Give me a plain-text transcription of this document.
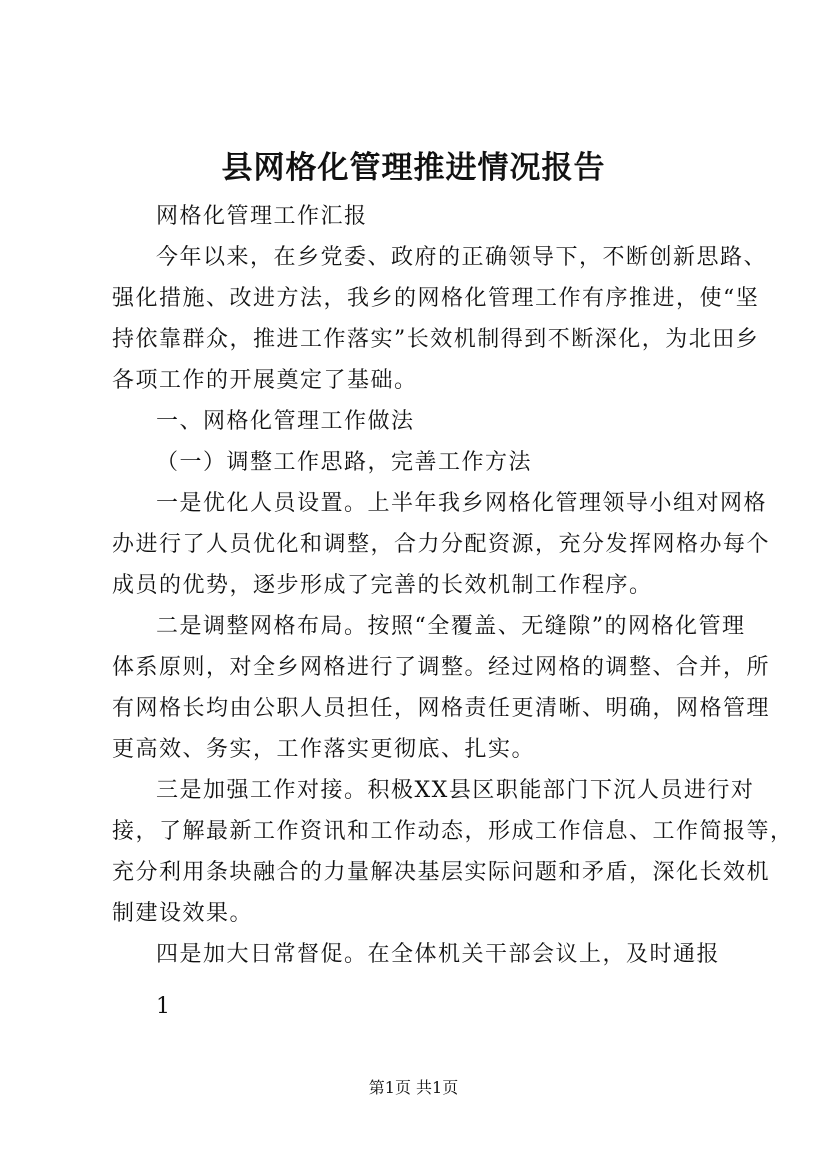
县网格化管理推进情况报告
网格化管理工作汇报
今年以来，在乡党委、政府的正确领导下，不断创新思路、
强化措施、改进方法，我乡的网格化管理工作有序推进，使“坚
持依靠群众，推进工作落实”长效机制得到不断深化，为北田乡
各项工作的开展奠定了基础。
一、网格化管理工作做法
（一）调整工作思路，完善工作方法
一是优化人员设置。上半年我乡网格化管理领导小组对网格
办进行了人员优化和调整，合力分配资源，充分发挥网格办每个
成员的优势，逐步形成了完善的长效机制工作程序。
二是调整网格布局。按照“全覆盖、无缝隙”的网格化管理
体系原则，对全乡网格进行了调整。经过网格的调整、合并，所
有网格长均由公职人员担任，网格责任更清晰、明确，网格管理
更高效、务实，工作落实更彻底、扎实。
三是加强工作对接。积极XX县区职能部门下沉人员进行对
接，了解最新工作资讯和工作动态，形成工作信息、工作简报等，
充分利用条块融合的力量解决基层实际问题和矛盾，深化长效机
制建设效果。
四是加大日常督促。在全体机关干部会议上，及时通报
1
第1页 共1页
